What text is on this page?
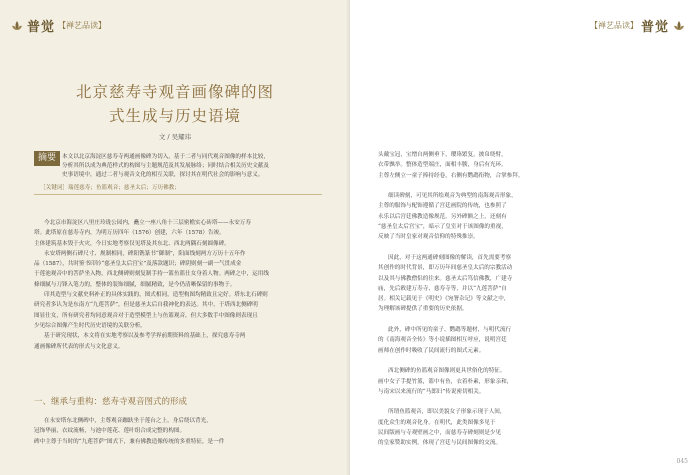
普觉 【禅艺品读】
北京慈寿寺观音画像碑的图
式生成与历史语境
文 / 吴耀玮
摘要	本文以北京海淀区慈寿寺两通画像碑为切入，基于二者与同代观音图像的样本比较，
分析其所以成为典范样式的构图与主题规范及其发展脉络；同时结合相关历史文献及
史事语境中，通过二者与观音文化的相互关联，探讨其在明代社会的影响与意义。
［关键词］瑞莲慈寿；鱼篮观音；慈圣太后；万历佛教；
今北京市海淀区八里庄玲珑公园内，矗立一座八角十三层密檐实心砖塔——永安万寿
塔。此塔原在慈寿寺内，为明万历四年（1576）创建，六年（1578）告竣。
主体建筑基本毁于火灾，今日实地考察仅见塔及其东北、西北两隅石刻圆像碑。
永安塔两侧石碑尺寸、规制相同，碑阳镌篆书“御制”，阳面线刻两方万历十五年作
品（1587），共时鉴书印钤“慈圣皇太后宫宝”及落款题识；碑阴则刻一副一气贯成金
于莲池观音中的菩萨坐入物，西北侧碑则刻复制手持一篮鱼篮仕女身着人物。两碑之中，运用线
條细腻与刀锋入笔力的，整体的装饰细腻，细腻精致，是今仍清晰保留的事物于。
印其造型与文献史料补正的具体实践的，图式相同，造型构图均精致且完好。塔东北石碑则
研究者多认为是东南方“九莲菩萨”，但是慈圣太后自我神化的表达。其中，于塔西北侧碑明
图显仕女，所有研究者均同意观音对于造型模型上与鱼篮观音，但大多数手中图像则表现且
少见综合图像产生时代历史语境的关联分析。
基于研究现状，本文将在实地考察以及参考学界前期资料的基础上，探究慈寿寺两
通画像碑所代表的形式与文化意义。
一、继承与重构：慈寿寺观音图式的形成
在永安塔东北侧碑中，主尊观音跏趺坐于莲台之上，身后绕以背光，
冠饰华丽，衣纹流畅，与池中莲花、莲叶组合成完整的构图。
碑中主尊于当时的“九莲菩萨”图式下，兼有佛教造像传统的多重特征，是一件
【禅艺品读】 普觉
头戴宝冠，宝缯自两侧垂下，璎珞繁复，披帛绕臂，
衣带飘举。整体造型端庄，面相丰腴，身后有光环。
主尊左侧立一童子捧持经卷，右侧有鹦鹉衔物，合掌参拜。
细读碑刻，可见其所绘观音为典型的南海观音形象，
主尊的服饰与配饰遵循了宫廷画院的传统，也参照了
永乐以后宫廷佛教造像规范。另外碑额之上，还刻有
“慈圣皇太后宫宝”，暗示了皇室对于该图像的重视，
反映了当时皇家对观音信仰的特殊推崇。
因此，对于这两通碑刻图像的解读，首先需要考察
其创作的时代背景，即万历年间慈圣皇太后的宗教活动
以及其与佛教僧侣的往来。慈圣太后笃信佛教，广建寺
庙，先后敕建万寿寺、慈寿寺等，并以“九莲菩萨”自
居。相关记载见于《明史》《宛署杂记》等文献之中，
为理解该碑提供了重要的历史依据。
此外，碑中所见的童子、鹦鹉等题材，与明代流行
的《南海观音全传》等小说插图相互呼应，说明宫廷
画师在创作时吸收了民间流行的图式元素。
西北侧碑的鱼篮观音图像则更具世俗化的特征。
画中女子手提竹篮，篮中有鱼，衣着朴素，形象亲和，
与南宋以来流行的“马郎妇”传说密切相关。
所谓鱼篮观音，即以美貌女子形象示现于人间，
度化众生的观音化身。在明代，此类图像多见于
民间版画与寺观壁画之中，而慈寿寺碑刻则是少见
的皇家赞助实例，体现了宫廷与民间图像的交流。
045
